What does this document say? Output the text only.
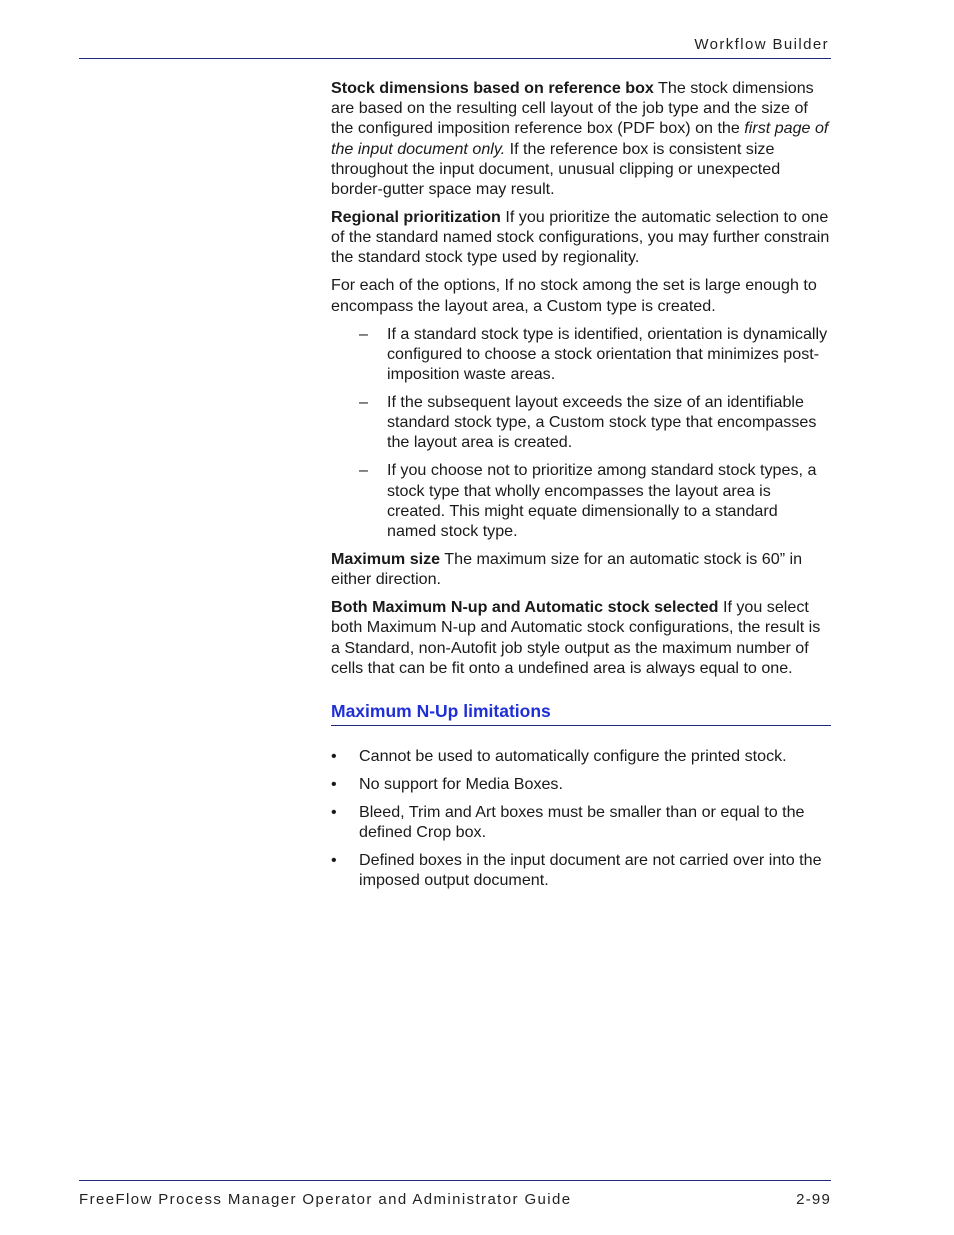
Workflow Builder

Stock dimensions based on reference box The stock dimensions are based on the resulting cell layout of the job type and the size of the configured imposition reference box (PDF box) on the first page of the input document only. If the reference box is consistent size throughout the input document, unusual clipping or unexpected border-gutter space may result.

Regional prioritization If you prioritize the automatic selection to one of the standard named stock configurations, you may further constrain the standard stock type used by regionality.

For each of the options, If no stock among the set is large enough to encompass the layout area, a Custom type is created.

– If a standard stock type is identified, orientation is dynamically configured to choose a stock orientation that minimizes post-imposition waste areas.
– If the subsequent layout exceeds the size of an identifiable standard stock type, a Custom stock type that encompasses the layout area is created.
– If you choose not to prioritize among standard stock types, a stock type that wholly encompasses the layout area is created. This might equate dimensionally to a standard named stock type.

Maximum size The maximum size for an automatic stock is 60” in either direction.

Both Maximum N-up and Automatic stock selected If you select both Maximum N-up and Automatic stock configurations, the result is a Standard, non-Autofit job style output as the maximum number of cells that can be fit onto a undefined area is always equal to one.

Maximum N-Up limitations
• Cannot be used to automatically configure the printed stock.
• No support for Media Boxes.
• Bleed, Trim and Art boxes must be smaller than or equal to the defined Crop box.
• Defined boxes in the input document are not carried over into the imposed output document.
FreeFlow Process Manager Operator and Administrator Guide	2-99
